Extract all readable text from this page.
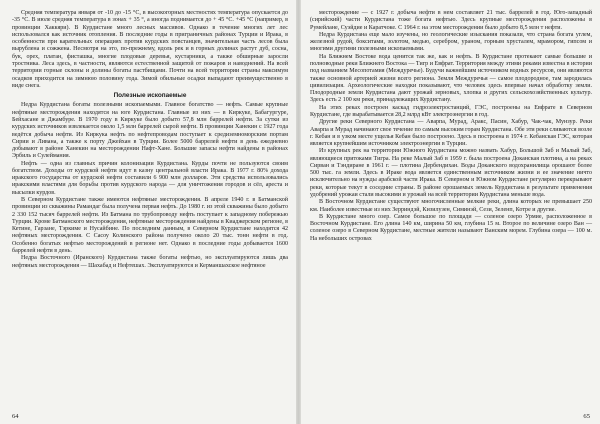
Средняя температура января от -10 до -15 °С, в высокогорных местностях температура опускается до -35 °С. В июле средняя температура в зонах + 35 °, а иногда поднимается до + 45 °С. +45 °С (например, в провинции Хаккяри). В Курдистане много лесных массивов. Однако в течение многих лет лес использовался как источник отопления. В последние годы в приграничных районах Турции и Ирака, в особенности при карательных операциях против курдских повстанцев, значительная часть лесов была вырублена и сожжена. Несмотря на это, по-прежнему, вдоль рек и в горных долинах растут дуб, сосна, бук, орех, платан, фисташка, многие плодовые деревья, кустарники, а также обширные заросли тростника. Леса здесь, в частности, являются естественной защитой от пожаров и наводнений. На всей территории горные склоны и долины богаты пастбищами. Почти на всей территории страны максимум осадков приходится на зимнюю половину года. Зимой обильные осадки выпадают преимущественно в виде снега.

Полезные ископаемые

Недра Курдистана богаты полезными ископаемыми. Главное богатство — нефть. Самые крупные нефтяные месторождения находятся на юге Курдистана. Главные из них — в Киркуке, Бабагургуре, Бейхасане и Джамбуре. В 1970 году в Киркуке было добыто 57,8 млн баррелей нефти. За сутки из курдских источников извлекается около 1,5 млн баррелей сырой нефти. В провинции Ханекин с 1927 года ведётся добыча нефти. Из Киркука нефть по нефтепроводам поступает к средиземноморским портам Сирии и Ливана, а также к порту Джейхан в Турции. Более 5000 баррелей нефти в день ежедневно добывают в районе Ханекин на месторождении Нафт-Хане. Большие запасы нефти найдены в районах Эрбиль и Сулеймания.

Нефть — одна из главных причин колонизации Курдистана. Курды почти не пользуются своим богатством. Доходы от курдской нефти идут в казну центральной власти Ирака. В 1977 г. 80% дохода иракского государства от курдской нефти составили 6 900 млн долларов. Эти средства использовались иракскими властями для борьбы против курдского народа — для уничтожения городов и сёл, ареста и высылки курдов.

В Северном Курдистане также имеются нефтяные месторождения. В апреле 1940 г. в Батманской провинции из скважины Рамандаг была получена первая нефть. До 1980 г. из этой скважины было добыто 2 330 152 тысяч баррелей нефти. Из Батмана по трубопроводу нефть поступает к западному побережью Турции. Кроме Батманского месторождения, нефтяные месторождения найдены в Киаджерском регионе, в Кетине, Гарзане, Тэркиме и Нусайбине. По последним данным, в Северном Курдистане находятся 42 нефтяных месторождения. С Сасоу Колинского района получено около 20 тыс. тонн нефти в год. Особенно богатых нефтью месторождений в регионе нет. Однако в последние годы добывается 1600 баррелей нефти в день.

Недра Восточного (Иранского) Курдистана также богаты нефтью, но эксплуатируются лишь два нефтяных месторождения — Шахабад и Нефтешах. Эксплуатируются и Керманшахское нефтяное

64

месторождение — с 1927 г. добыча нефти в нем составляет 21 тыс. баррелей в год. Юго-западный (сирийский) части Курдистана тоже богата нефтью. Здесь крупные месторождения расположены в Румейлане, Суэйдие и Каратчоке. С 1964 г. на этом месторождении было добыто 8,5 млн т нефти.

Недра Курдистана еще мало изучены, но геологические изыскания показали, что страна богата углем, железной рудой, бокситами, золотом, медью, серебром, ураном, горным хрусталем, мрамором, гипсом и многими другими полезными ископаемыми.

На Ближнем Востоке вода ценится так же, как и нефть. В Курдистане протекают самые большие и полноводные реки Ближнего Востока — Тигр и Евфрат. Территория между этими реками известна в истории под названием Месопотамия (Междуречье). Будучи важнейшим источником водных ресурсов, они являются также основной артерией жизни всего региона. Земля Междуречья — самое плодородное, там зародилась цивилизация. Археологические находки показывают, что человек здесь впервые начал обработку земли. Плодородные земли Курдистана дают урожай зерновых, хлопка и других сельскохозяйственных культур. Здесь есть 2 100 км реки, принадлежащих Курдистану.

На этих реках построен каскад гидроэлектростанций, ГЭС, построены на Евфрате в Северном Курдистане, где вырабатывается 28,2 млрд кВт электроэнергии в год.

Другие реки Северного Курдистана — Аварпа, Мурад, Аракс, Пасин, Хабур, Чак-чак, Мунзур. Реки Аварпа и Мурад начинают свое течение по самым высоким горам Курдистана. Обе эти реки сливаются возле г. Кебан и в узком месте ущелья Кебан было построено. Здесь в построена в 1974 г. Кебанская ГЭС, которая является крупнейшим источником электроэнергии в Турции.

Из крупных рек на территории Южного Курдистана можно назвать Хабур, Большой Заб и Малый Заб, являющиеся притоками Тигра. На реке Малый Заб в 1959 г. была построена Доканская плотина, а на реках Сирван и Тэндиране в 1961 г. — плотина Дербендихан. Воды Доканского водохранилища орошают более 500 тыс. га земли. Здесь в Ираке вода является единственным источником жизни и ее значение ничто исключительно на нужды арабской части Ирака. В Северном и Южном Курдистане регулярно перекрывают реки, которые текут в соседние страны. В районе орошаемых земель Курдистана в результате применения удобрений урожаи стали высокими и урожай на всей территории Курдистана меньше вода.

В Восточном Курдистане существуют многочисленные мелкие реки, длина которых не превышает 250 км. Наиболее известные из них Зерриндэй, Кизилузен, Симинэй, Сези, Зеленп, Котре и другие.

В Курдистане много озер. Самое большое по площади — соленое озеро Урмие, расположенное в Восточном Курдистане. Его длина 140 км, ширина 50 км, глубина 15 м. Второе по величине озеро Ван — соленое озеро в Северном Курдистане, местные жители называют Ванским морем. Глубина озера — 100 м. На небольших островах

65
